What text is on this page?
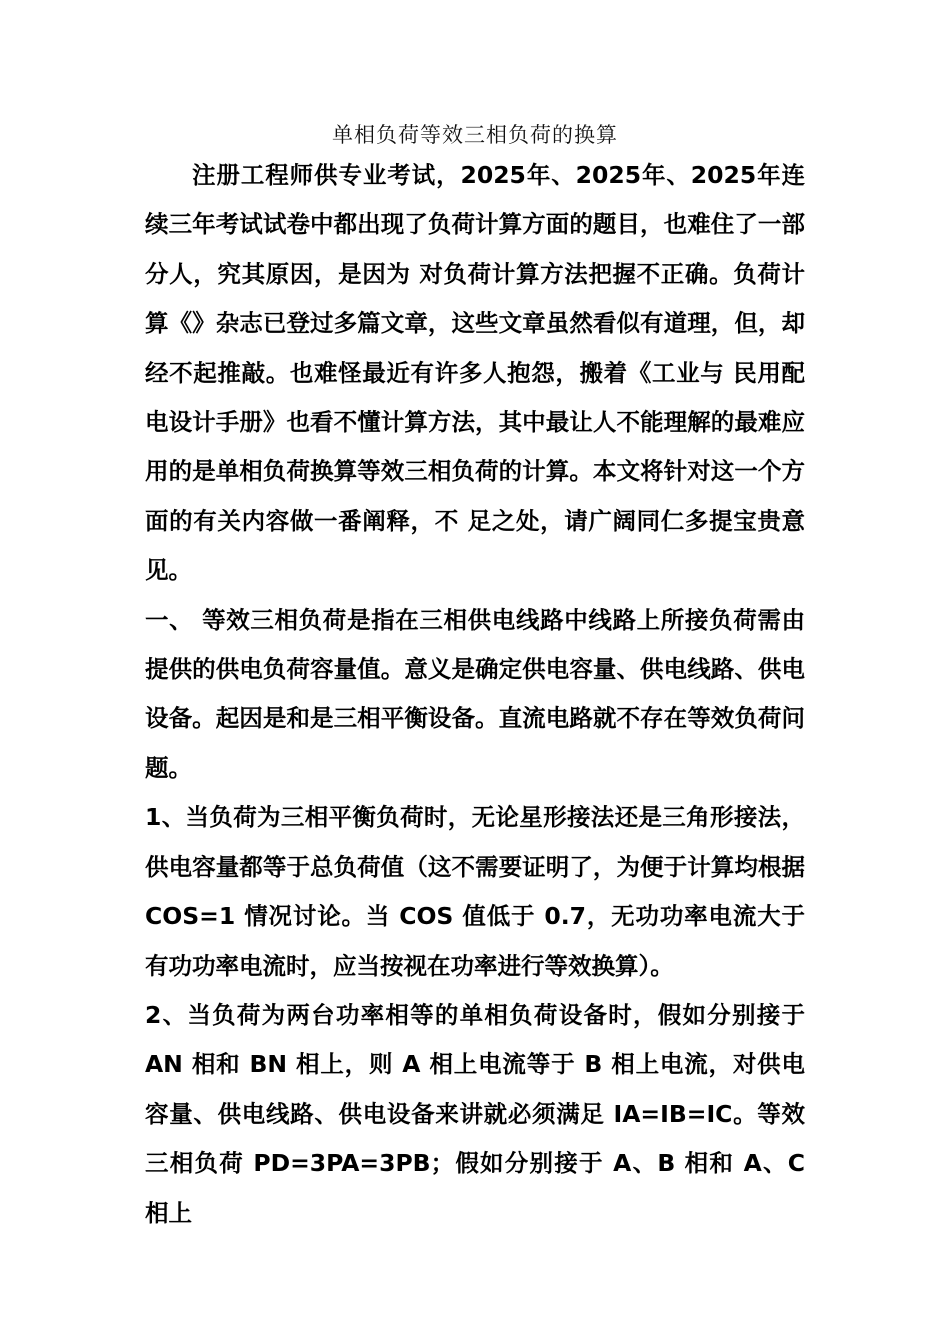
单相负荷等效三相负荷的换算

注册工程师供专业考试，2025年、2025年、2025年连续三年考试试卷中都出现了负荷计算方面的题目，也难住了一部分人，究其原因，是因为 对负荷计算方法把握不正确。负荷计算《》杂志已登过多篇文章，这些文章虽然看似有道理，但，却经不起推敲。也难怪最近有许多人抱怨，搬着《工业与 民用配电设计手册》也看不懂计算方法，其中最让人不能理解的最难应用的是单相负荷换算等效三相负荷的计算。本文将针对这一个方面的有关内容做一番阐释，不 足之处，请广阔同仁多提宝贵意见。

一、 等效三相负荷是指在三相供电线路中线路上所接负荷需由提供的供电负荷容量值。意义是确定供电容量、供电线路、供电设备。起因是和是三相平衡设备。直流电路就不存在等效负荷问题。

1、当负荷为三相平衡负荷时，无论星形接法还是三角形接法，供电容量都等于总负荷值（这不需要证明了，为便于计算均根据 COS=1 情况讨论。当 COS 值低于 0.7，无功功率电流大于有功功率电流时，应当按视在功率进行等效换算）。

2、当负荷为两台功率相等的单相负荷设备时，假如分别接于AN 相和 BN 相上，则 A 相上电流等于 B 相上电流，对供电容量、供电线路、供电设备来讲就必须满足 IA=IB=IC。等效三相负荷 PD=3PA=3PB；假如分别接于 A、B 相和 A、C 相上
